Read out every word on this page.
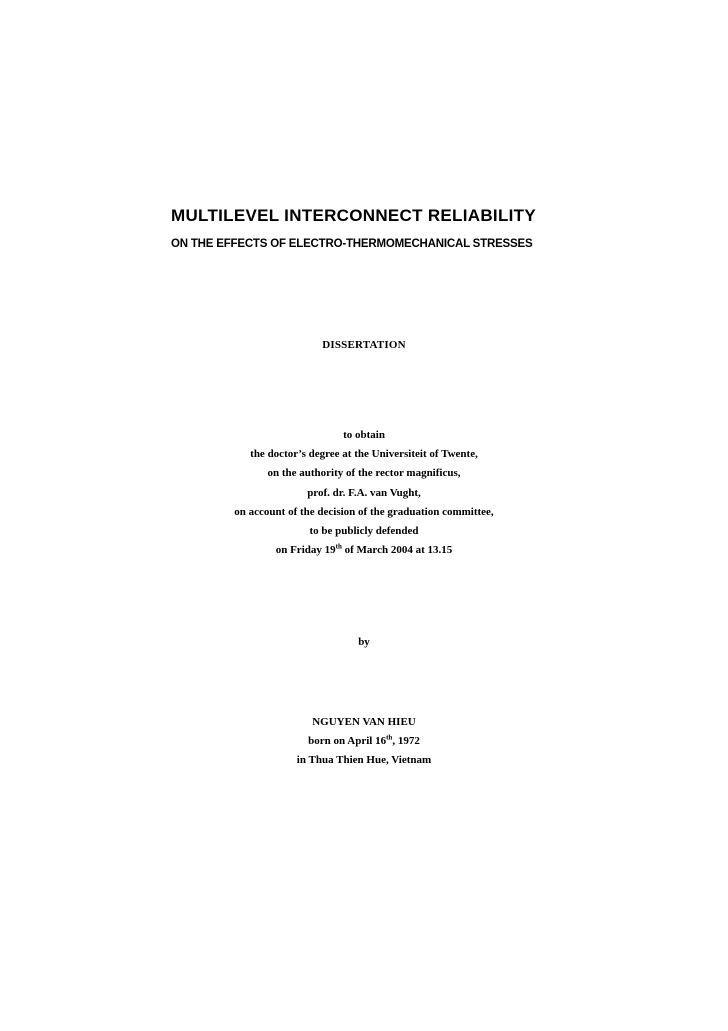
MULTILEVEL INTERCONNECT RELIABILITY
ON THE EFFECTS OF ELECTRO-THERMOMECHANICAL STRESSES

DISSERTATION

to obtain
the doctor’s degree at the Universiteit of Twente,
on the authority of the rector magnificus,
prof. dr. F.A. van Vught,
on account of the decision of the graduation committee,
to be publicly defended
on Friday 19th of March 2004 at 13.15

by

NGUYEN VAN HIEU
born on April 16th, 1972
in Thua Thien Hue, Vietnam
